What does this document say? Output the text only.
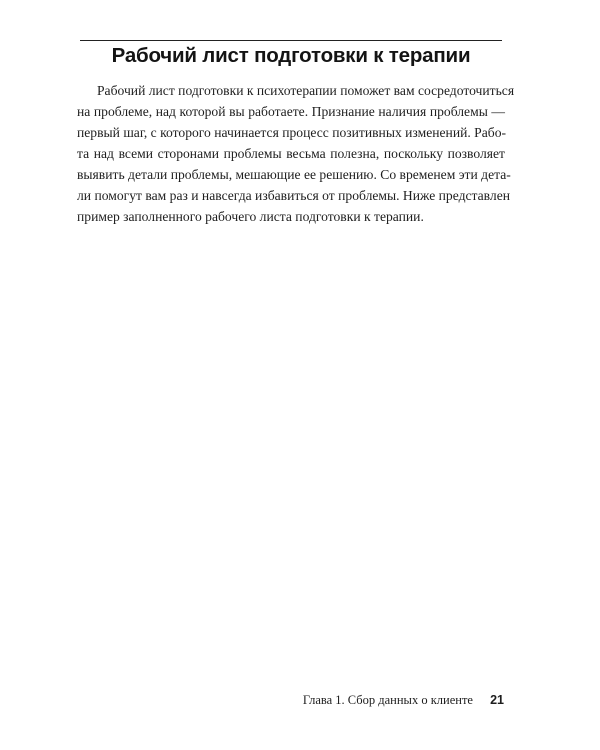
Рабочий лист подготовки к терапии
Рабочий лист подготовки к психотерапии поможет вам сосредоточиться
на проблеме, над которой вы работаете. Признание наличия проблемы —
первый шаг, с которого начинается процесс позитивных изменений. Рабо-
та над всеми сторонами проблемы весьма полезна, поскольку позволяет
выявить детали проблемы, мешающие ее решению. Со временем эти дета-
ли помогут вам раз и навсегда избавиться от проблемы. Ниже представлен
пример заполненного рабочего листа подготовки к терапии.
Глава 1. Сбор данных о клиенте 21
